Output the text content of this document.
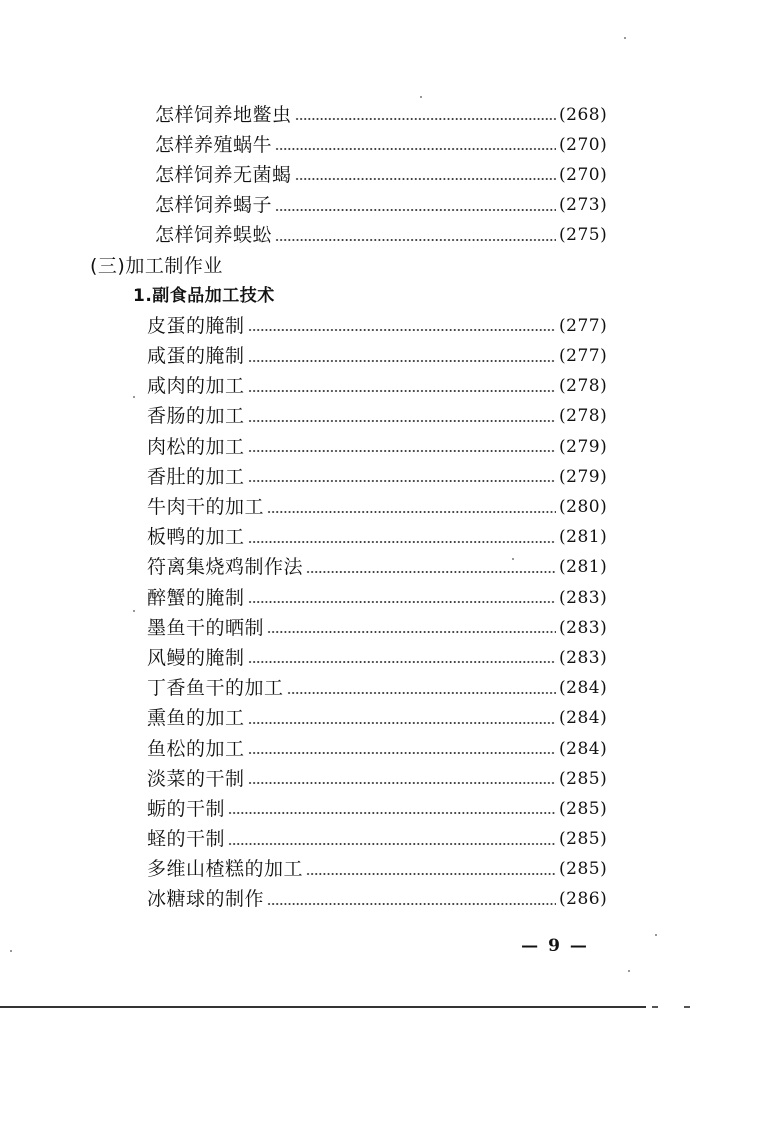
怎样饲养地鳖虫	(268)
怎样养殖蜗牛	(270)
怎样饲养无菌蝎	(270)
怎样饲养蝎子	(273)
怎样饲养蜈蚣	(275)
(三)加工制作业
1.副食品加工技术
皮蛋的腌制	(277)
咸蛋的腌制	(277)
咸肉的加工	(278)
香肠的加工	(278)
肉松的加工	(279)
香肚的加工	(279)
牛肉干的加工	(280)
板鸭的加工	(281)
符离集烧鸡制作法	(281)
醉蟹的腌制	(283)
墨鱼干的晒制	(283)
风鳗的腌制	(283)
丁香鱼干的加工	(284)
熏鱼的加工	(284)
鱼松的加工	(284)
淡菜的干制	(285)
蛎的干制	(285)
蛏的干制	(285)
多维山楂糕的加工	(285)
冰糖球的制作	(286)
— 9 —
